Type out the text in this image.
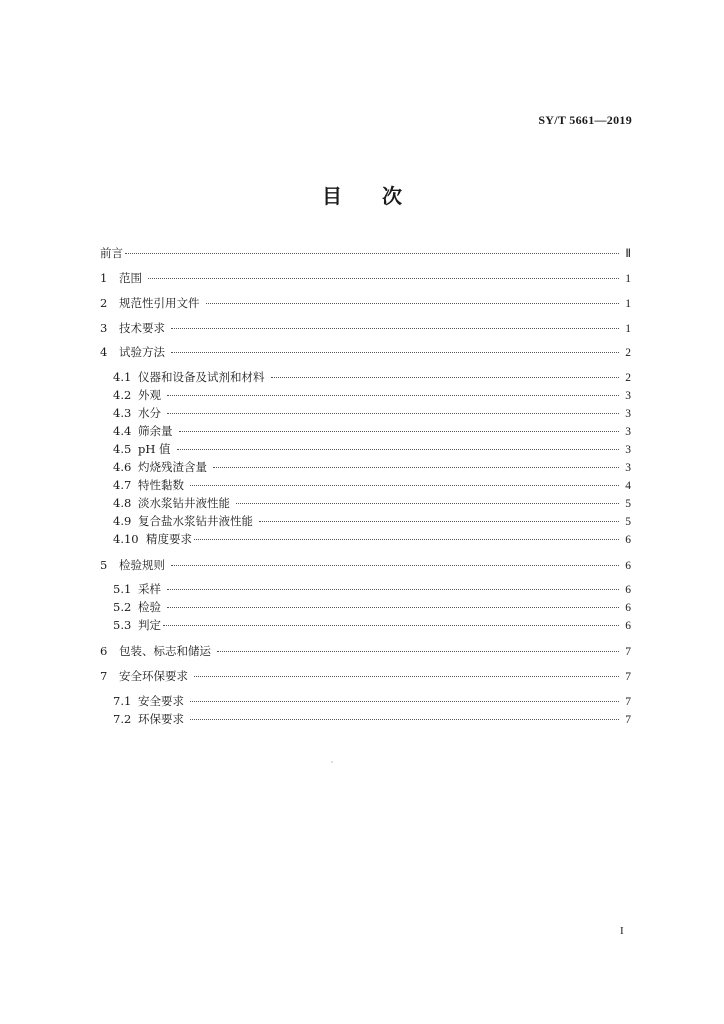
SY/T 5661—2019
目次
前言	Ⅱ
1	范围	1
2	规范性引用文件	1
3	技术要求	1
4	试验方法	2
4.1 仪器和设备及试剂和材料	2
4.2 外观	3
4.3 水分	3
4.4 筛余量	3
4.5 pH 值	3
4.6 灼烧残渣含量	3
4.7 特性黏数	4
4.8 淡水浆钻井液性能	5
4.9 复合盐水浆钻井液性能	5
4.10 精度要求	6
5	检验规则	6
5.1 采样	6
5.2 检验	6
5.3 判定	6
6	包装、标志和储运	7
7	安全环保要求	7
7.1 安全要求	7
7.2 环保要求	7
I
